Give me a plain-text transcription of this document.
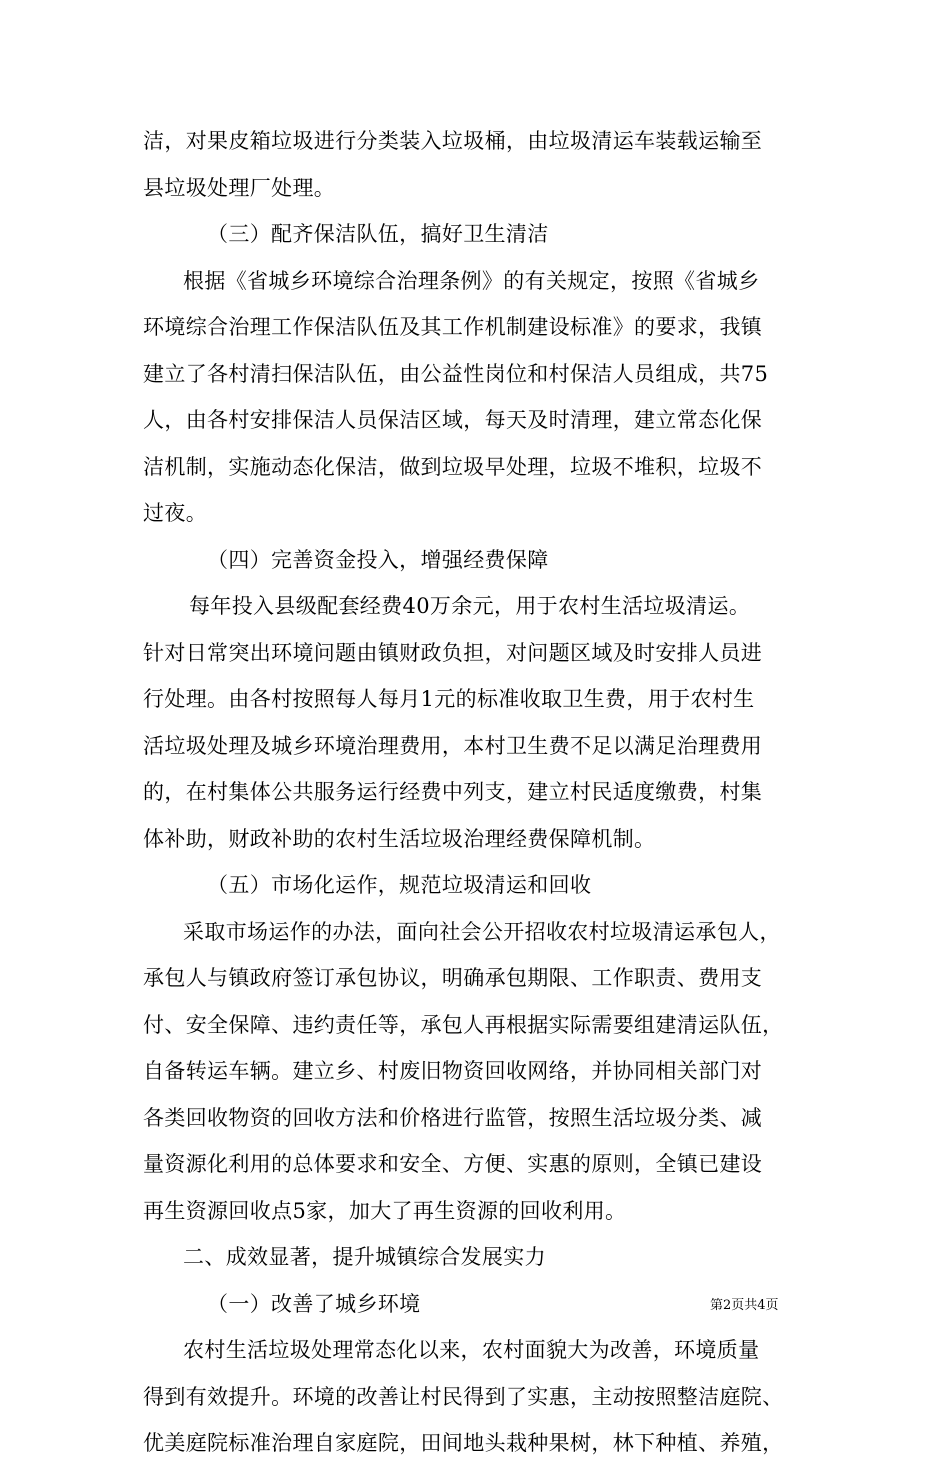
洁，对果皮箱垃圾进行分类装入垃圾桶，由垃圾清运车装载运输至
县垃圾处理厂处理。
（三）配齐保洁队伍，搞好卫生清洁
根据《省城乡环境综合治理条例》的有关规定，按照《省城乡
环境综合治理工作保洁队伍及其工作机制建设标准》的要求，我镇
建立了各村清扫保洁队伍，由公益性岗位和村保洁人员组成，共75
人，由各村安排保洁人员保洁区域，每天及时清理，建立常态化保
洁机制，实施动态化保洁，做到垃圾早处理，垃圾不堆积，垃圾不
过夜。
（四）完善资金投入，增强经费保障
每年投入县级配套经费40万余元，用于农村生活垃圾清运。
针对日常突出环境问题由镇财政负担，对问题区域及时安排人员进
行处理。由各村按照每人每月1元的标准收取卫生费，用于农村生
活垃圾处理及城乡环境治理费用，本村卫生费不足以满足治理费用
的，在村集体公共服务运行经费中列支，建立村民适度缴费，村集
体补助，财政补助的农村生活垃圾治理经费保障机制。
（五）市场化运作，规范垃圾清运和回收
采取市场运作的办法，面向社会公开招收农村垃圾清运承包人，
承包人与镇政府签订承包协议，明确承包期限、工作职责、费用支
付、安全保障、违约责任等，承包人再根据实际需要组建清运队伍，
自备转运车辆。建立乡、村废旧物资回收网络，并协同相关部门对
各类回收物资的回收方法和价格进行监管，按照生活垃圾分类、减
量资源化利用的总体要求和安全、方便、实惠的原则，全镇已建设
再生资源回收点5家，加大了再生资源的回收利用。
二、成效显著，提升城镇综合发展实力
（一）改善了城乡环境
农村生活垃圾处理常态化以来，农村面貌大为改善，环境质量
得到有效提升。环境的改善让村民得到了实惠，主动按照整洁庭院、
优美庭院标准治理自家庭院，田间地头栽种果树，林下种植、养殖，
第2页共4页
